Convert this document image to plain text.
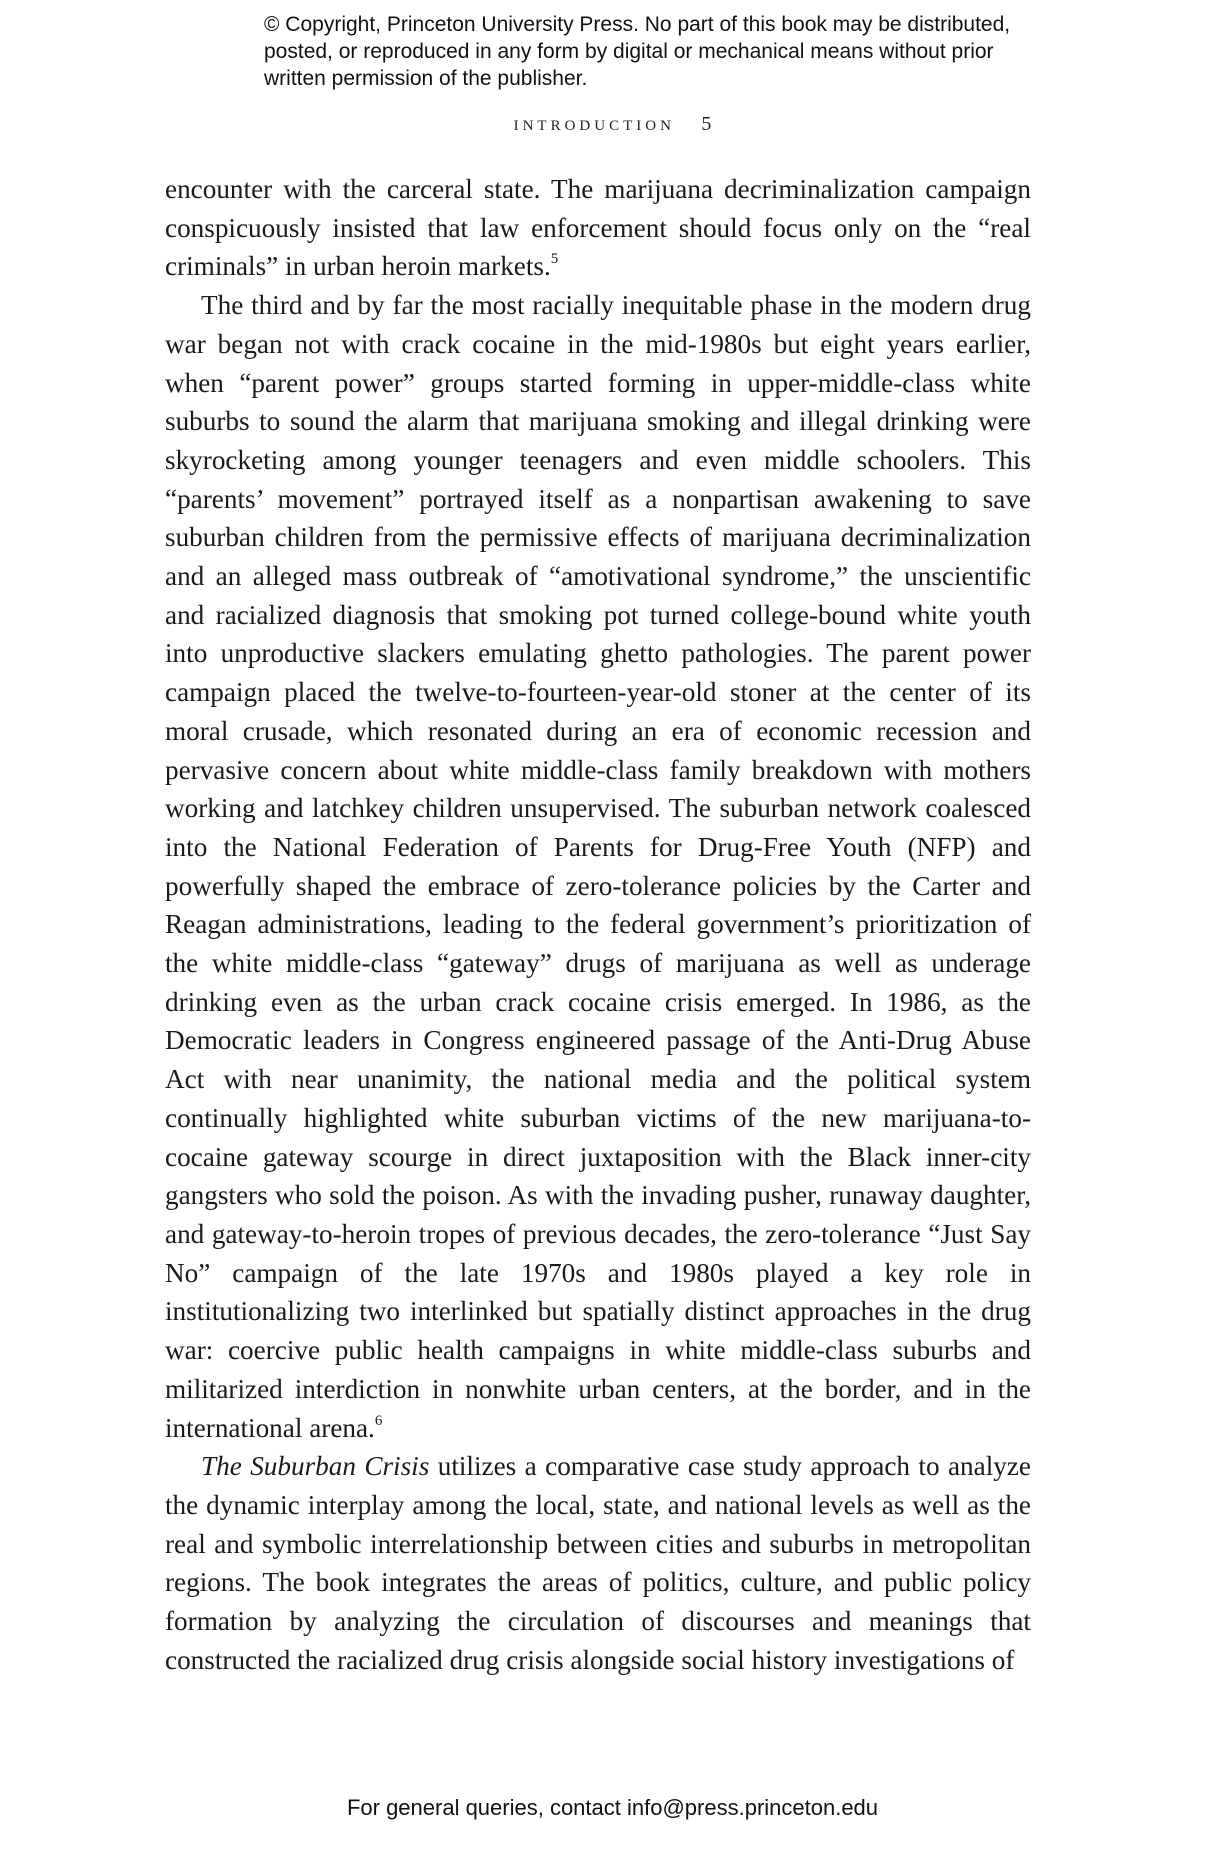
© Copyright, Princeton University Press. No part of this book may be distributed, posted, or reproduced in any form by digital or mechanical means without prior written permission of the publisher.
INTRODUCTION 5

encounter with the carceral state. The marijuana decriminalization campaign conspicuously insisted that law enforcement should focus only on the “real criminals” in urban heroin markets.$^5$

The third and by far the most racially inequitable phase in the modern drug war began not with crack cocaine in the mid-1980s but eight years earlier, when “parent power” groups started forming in upper-middle-class white suburbs to sound the alarm that marijuana smoking and illegal drinking were skyrocketing among younger teenagers and even middle schoolers. This “parents’ movement” portrayed itself as a nonpartisan awakening to save suburban children from the permissive effects of marijuana decriminalization and an alleged mass outbreak of “amotivational syndrome,” the unscientific and racialized diagnosis that smoking pot turned college-bound white youth into unproductive slackers emulating ghetto pathologies. The parent power campaign placed the twelve-to-fourteen-year-old stoner at the center of its moral crusade, which resonated during an era of economic recession and pervasive concern about white middle-class family breakdown with mothers working and latchkey children unsupervised. The suburban network coalesced into the National Federation of Parents for Drug-Free Youth (NFP) and powerfully shaped the embrace of zero-tolerance policies by the Carter and Reagan administrations, leading to the federal government’s prioritization of the white middle-class “gateway” drugs of marijuana as well as underage drinking even as the urban crack cocaine crisis emerged. In 1986, as the Democratic leaders in Congress engineered passage of the Anti-Drug Abuse Act with near unanimity, the national media and the political system continually highlighted white suburban victims of the new marijuana-to-cocaine gateway scourge in direct juxtaposition with the Black inner-city gangsters who sold the poison. As with the invading pusher, runaway daughter, and gateway-to-heroin tropes of previous decades, the zero-tolerance “Just Say No” campaign of the late 1970s and 1980s played a key role in institutionalizing two interlinked but spatially distinct approaches in the drug war: coercive public health campaigns in white middle-class suburbs and militarized interdiction in nonwhite urban centers, at the border, and in the international arena.$^6$

The Suburban Crisis utilizes a comparative case study approach to analyze the dynamic interplay among the local, state, and national levels as well as the real and symbolic interrelationship between cities and suburbs in metropolitan regions. The book integrates the areas of politics, culture, and public policy formation by analyzing the circulation of discourses and meanings that constructed the racialized drug crisis alongside social history investigations of

For general queries, contact info@press.princeton.edu
